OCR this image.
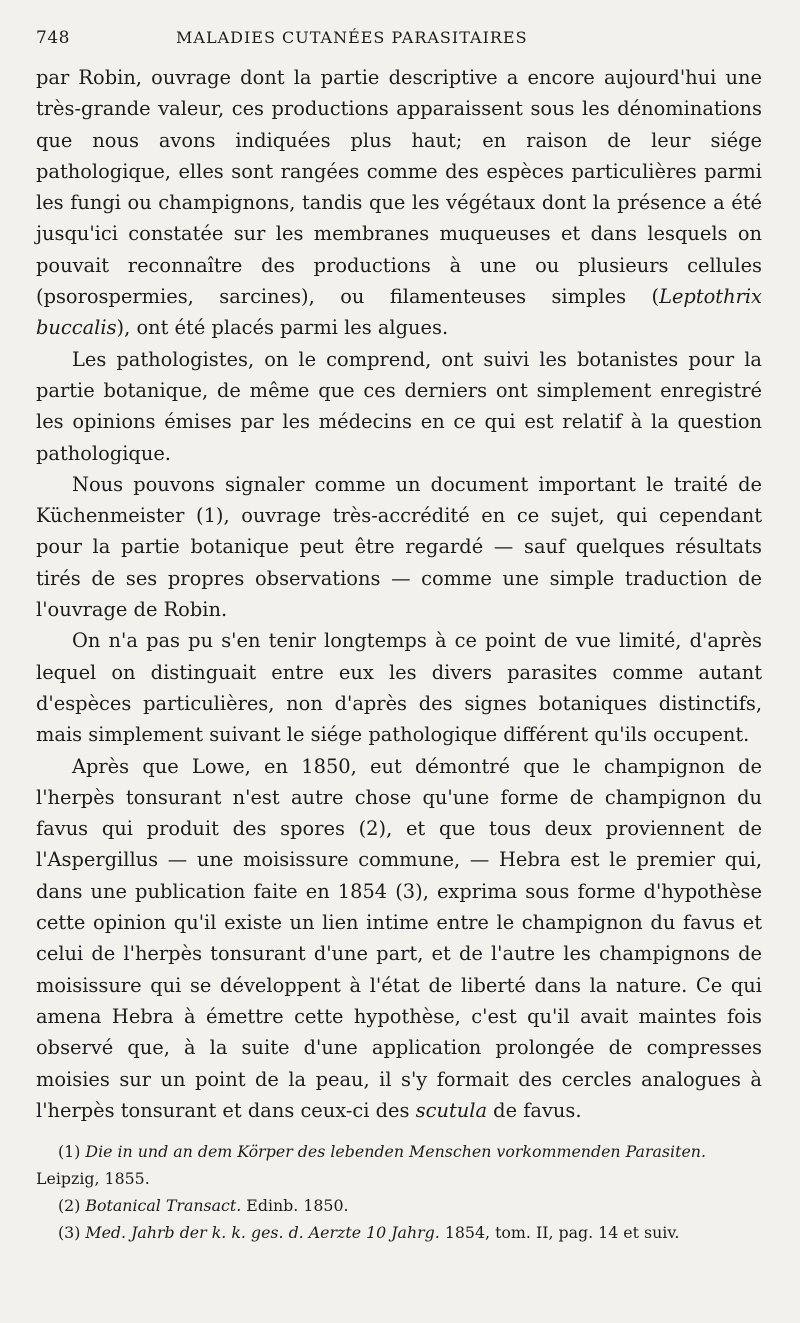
748	MALADIES CUTANÉES PARASITAIRES

par Robin, ouvrage dont la partie descriptive a encore aujourd'hui une très-grande valeur, ces productions apparaissent sous les dénominations que nous avons indiquées plus haut; en raison de leur siége pathologique, elles sont rangées comme des espèces particulières parmi les fungi ou champignons, tandis que les végétaux dont la présence a été jusqu'ici constatée sur les membranes muqueuses et dans lesquels on pouvait reconnaître des productions à une ou plusieurs cellules (psorospermies, sarcines), ou filamenteuses simples (Leptothrix buccalis), ont été placés parmi les algues.

Les pathologistes, on le comprend, ont suivi les botanistes pour la partie botanique, de même que ces derniers ont simplement enregistré les opinions émises par les médecins en ce qui est relatif à la question pathologique.

Nous pouvons signaler comme un document important le traité de Küchenmeister (1), ouvrage très-accrédité en ce sujet, qui cependant pour la partie botanique peut être regardé — sauf quelques résultats tirés de ses propres observations — comme une simple traduction de l'ouvrage de Robin.

On n'a pas pu s'en tenir longtemps à ce point de vue limité, d'après lequel on distinguait entre eux les divers parasites comme autant d'espèces particulières, non d'après des signes botaniques distinctifs, mais simplement suivant le siége pathologique différent qu'ils occupent.

Après que Lowe, en 1850, eut démontré que le champignon de l'herpès tonsurant n'est autre chose qu'une forme de champignon du favus qui produit des spores (2), et que tous deux proviennent de l'Aspergillus — une moisissure commune, — Hebra est le premier qui, dans une publication faite en 1854 (3), exprima sous forme d'hypothèse cette opinion qu'il existe un lien intime entre le champignon du favus et celui de l'herpès tonsurant d'une part, et de l'autre les champignons de moisissure qui se développent à l'état de liberté dans la nature. Ce qui amena Hebra à émettre cette hypothèse, c'est qu'il avait maintes fois observé que, à la suite d'une application prolongée de compresses moisies sur un point de la peau, il s'y formait des cercles analogues à l'herpès tonsurant et dans ceux-ci des scutula de favus.

(1) Die in und an dem Körper des lebenden Menschen vorkommenden Parasiten. Leipzig, 1855.

(2) Botanical Transact. Edinb. 1850.

(3) Med. Jahrb der k. k. ges. d. Aerzte 10 Jahrg. 1854, tom. II, pag. 14 et suiv.
